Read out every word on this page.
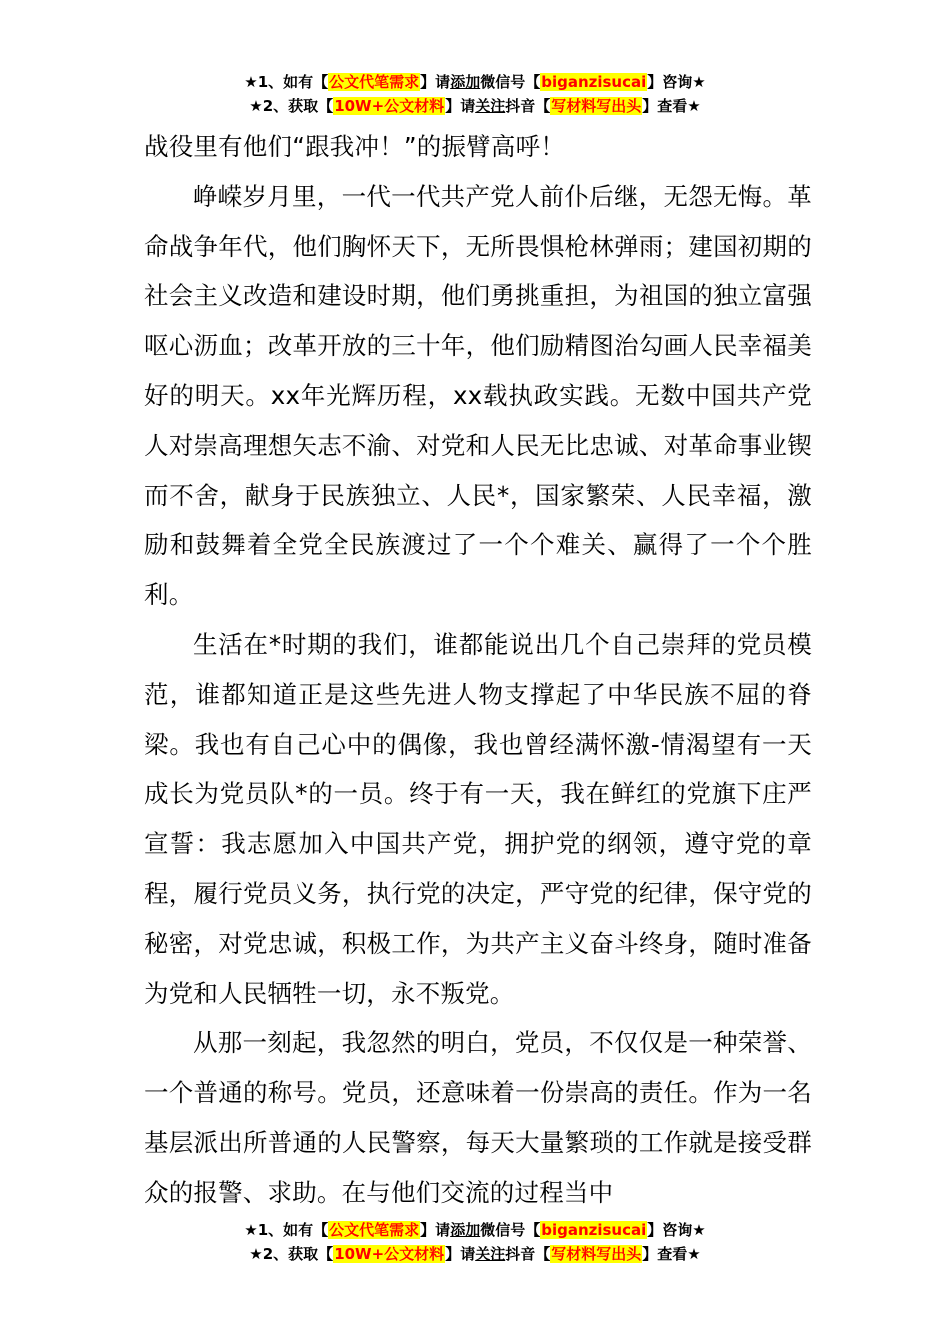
★1、如有【公文代笔需求】请添加微信号【biganzisucai】咨询★
★2、获取【10W+公文材料】请关注抖音【写材料写出头】查看★

战役里有他们“跟我冲！”的振臂高呼！

峥嵘岁月里，一代一代共产党人前仆后继，无怨无悔。革命战争年代，他们胸怀天下，无所畏惧枪林弹雨；建国初期的社会主义改造和建设时期，他们勇挑重担，为祖国的独立富强呕心沥血；改革开放的三十年，他们励精图治勾画人民幸福美好的明天。xx年光辉历程，xx载执政实践。无数中国共产党人对崇高理想矢志不渝、对党和人民无比忠诚、对革命事业锲而不舍，献身于民族独立、人民*，国家繁荣、人民幸福，激励和鼓舞着全党全民族渡过了一个个难关、赢得了一个个胜利。

生活在*时期的我们，谁都能说出几个自己崇拜的党员模范，谁都知道正是这些先进人物支撑起了中华民族不屈的脊梁。我也有自己心中的偶像，我也曾经满怀激-情渴望有一天成长为党员队*的一员。终于有一天，我在鲜红的党旗下庄严宣誓：我志愿加入中国共产党，拥护党的纲领，遵守党的章程，履行党员义务，执行党的决定，严守党的纪律，保守党的秘密，对党忠诚，积极工作，为共产主义奋斗终身，随时准备为党和人民牺牲一切，永不叛党。

从那一刻起，我忽然的明白，党员，不仅仅是一种荣誉、一个普通的称号。党员，还意味着一份崇高的责任。作为一名基层派出所普通的人民警察，每天大量繁琐的工作就是接受群众的报警、求助。在与他们交流的过程当中

★1、如有【公文代笔需求】请添加微信号【biganzisucai】咨询★
★2、获取【10W+公文材料】请关注抖音【写材料写出头】查看★
